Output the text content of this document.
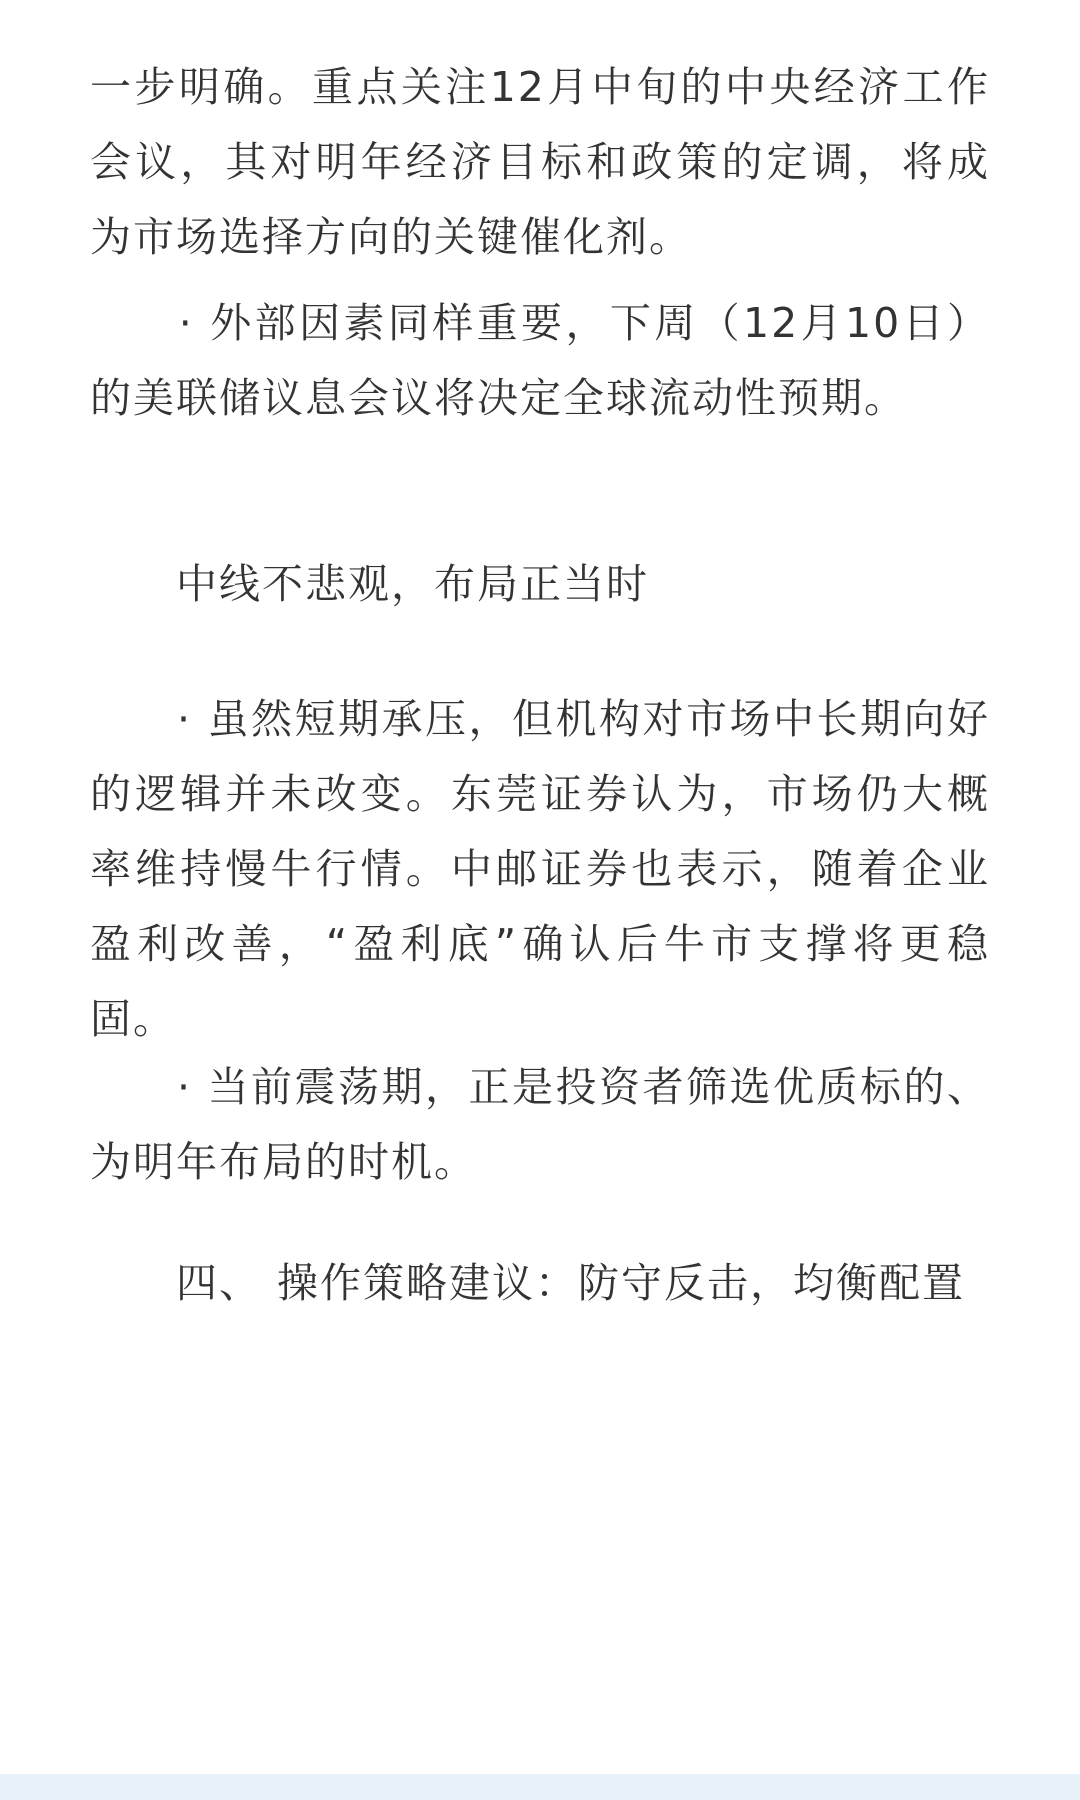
一步明确。重点关注12月中旬的中央经济工作会议，其对明年经济目标和政策的定调，将成为市场选择方向的关键催化剂。

　　· 外部因素同样重要，下周（12月10日）的美联储议息会议将决定全球流动性预期。

　　中线不悲观，布局正当时

　　· 虽然短期承压，但机构对市场中长期向好的逻辑并未改变。东莞证券认为，市场仍大概率维持慢牛行情。中邮证券也表示，随着企业盈利改善，“盈利底”确认后牛市支撑将更稳固。

　　· 当前震荡期，正是投资者筛选优质标的、为明年布局的时机。

　　四、 操作策略建议：防守反击，均衡配置
